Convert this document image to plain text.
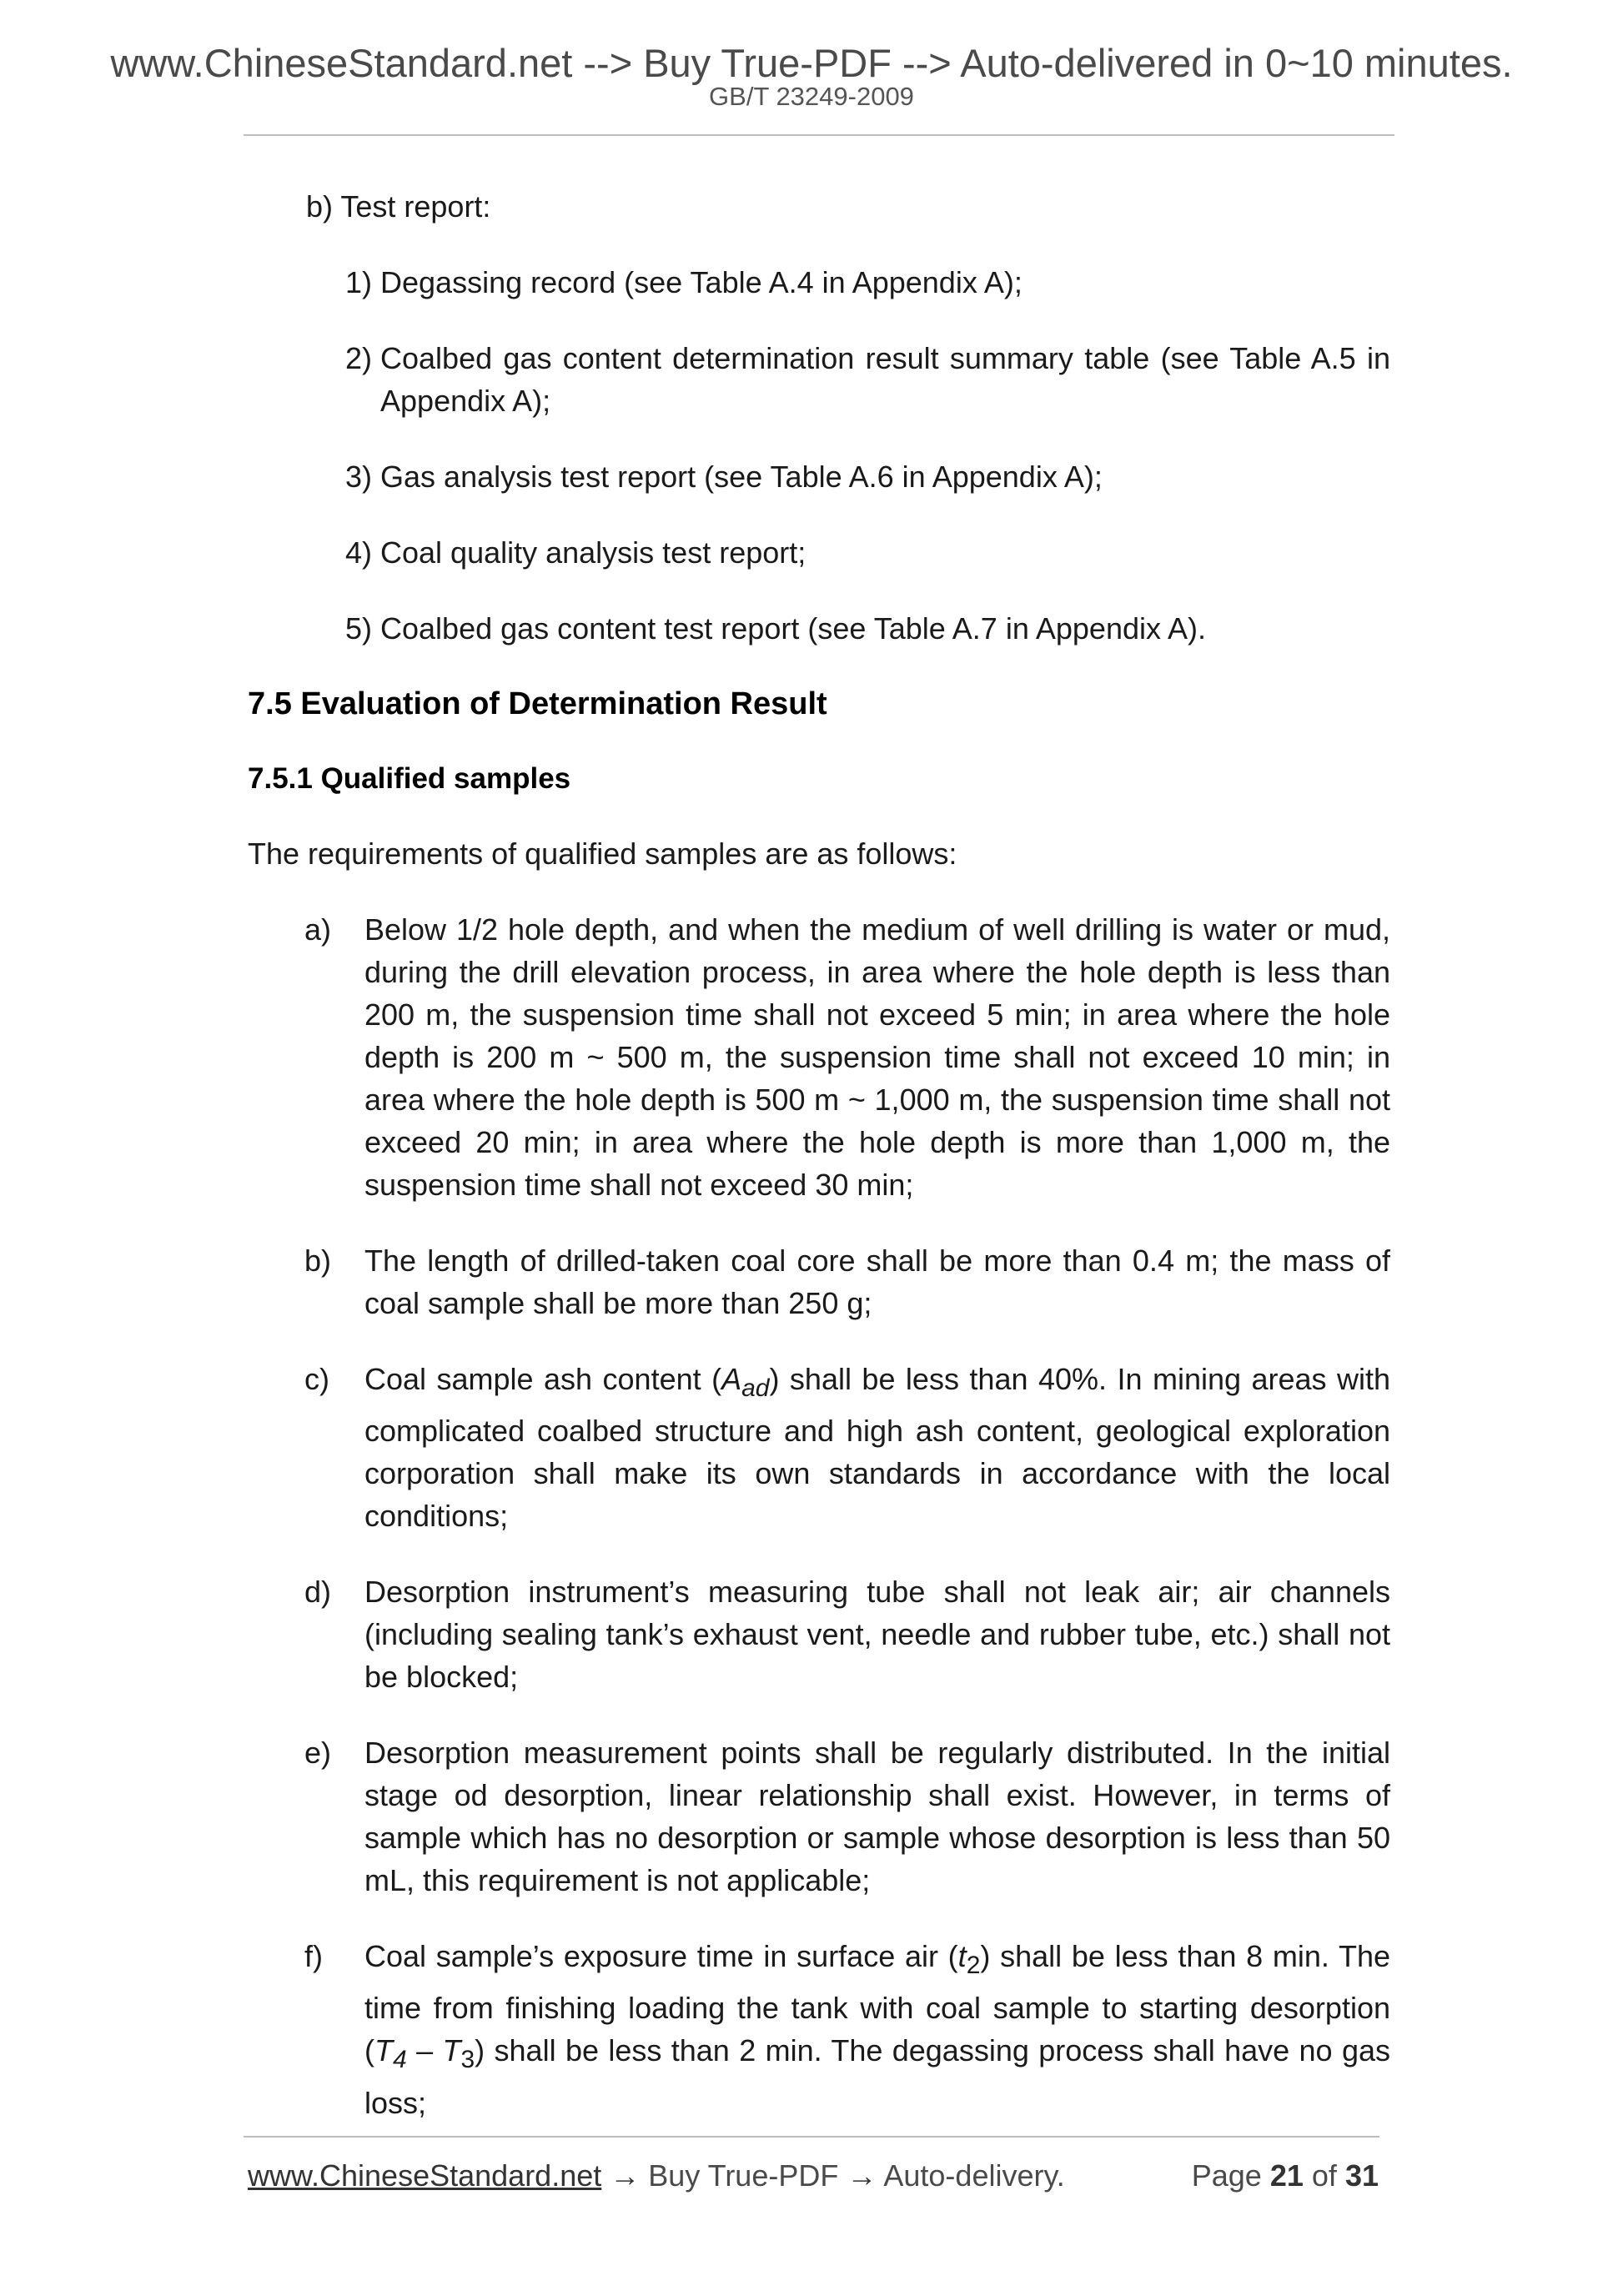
www.ChineseStandard.net --> Buy True-PDF --> Auto-delivered in 0~10 minutes.
GB/T 23249-2009

b) Test report:

1) Degassing record (see Table A.4 in Appendix A);
2) Coalbed gas content determination result summary table (see Table A.5 in Appendix A);
3) Gas analysis test report (see Table A.6 in Appendix A);
4) Coal quality analysis test report;
5) Coalbed gas content test report (see Table A.7 in Appendix A).
7.5 Evaluation of Determination Result
7.5.1 Qualified samples
The requirements of qualified samples are as follows:
a)	Below 1/2 hole depth, and when the medium of well drilling is water or mud, during the drill elevation process, in area where the hole depth is less than 200 m, the suspension time shall not exceed 5 min; in area where the hole depth is 200 m ~ 500 m, the suspension time shall not exceed 10 min; in area where the hole depth is 500 m ~ 1,000 m, the suspension time shall not exceed 20 min; in area where the hole depth is more than 1,000 m, the suspension time shall not exceed 30 min;
b)	The length of drilled-taken coal core shall be more than 0.4 m; the mass of coal sample shall be more than 250 g;
c)	Coal sample ash content $(A_{ad})$ shall be less than 40%. In mining areas with complicated coalbed structure and high ash content, geological exploration corporation shall make its own standards in accordance with the local conditions;
d)	Desorption instrument’s measuring tube shall not leak air; air channels (including sealing tank’s exhaust vent, needle and rubber tube, etc.) shall not be blocked;
e)	Desorption measurement points shall be regularly distributed. In the initial stage od desorption, linear relationship shall exist. However, in terms of sample which has no desorption or sample whose desorption is less than 50 mL, this requirement is not applicable;
f)	Coal sample’s exposure time in surface air $(t_2)$ shall be less than 8 min. The time from finishing loading the tank with coal sample to starting desorption $(T_4 - T_3)$ shall be less than 2 min. The degassing process shall have no gas loss;
www.ChineseStandard.net → Buy True-PDF → Auto-delivery.	Page 21 of 31
